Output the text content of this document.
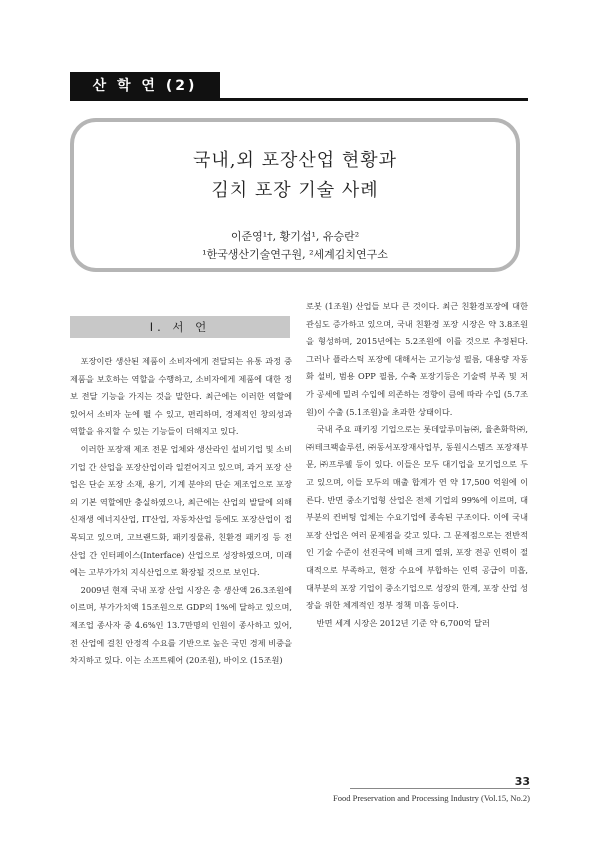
산 학 연 (2)
국내,외 포장산업 현황과
김치 포장 기술 사례
이준영¹†, 황기섭¹, 유승란²
¹한국생산기술연구원, ²세계김치연구소
Ⅰ. 서 언

포장이란 생산된 제품이 소비자에게 전달되는 유통 과정 중 제품을 보호하는 역할을 수행하고, 소비자에게 제품에 대한 정보 전달 기능을 가지는 것을 말한다. 최근에는 이러한 역할에 있어서 소비자 눈에 띌 수 있고, 편리하며, 경제적인 창의성과 역할을 유지할 수 있는 기능들이 더해지고 있다.

이러한 포장재 제조 전문 업체와 생산라인 설비기업 및 소비기업 간 산업을 포장산업이라 일컫어지고 있으며, 과거 포장 산업은 단순 포장 소재, 용기, 기계 분야의 단순 제조업으로 포장의 기본 역할에만 충실하였으나, 최근에는 산업의 발달에 의해 신재생 에너지산업, IT산업, 자동차산업 등에도 포장산업이 접목되고 있으며, 고브랜드화, 패키징물류, 친환경 패키징 등 전 산업 간 인터페이스(Interface) 산업으로 성장하였으며, 미래에는 고부가가치 지식산업으로 확장될 것으로 보인다.

2009년 현재 국내 포장 산업 시장은 총 생산액 26.3조원에 이르며, 부가가치액 15조원으로 GDP의 1%에 달하고 있으며, 제조업 종사자 중 4.6%인 13.7만명의 인원이 종사하고 있어, 전 산업에 걸친 안정적 수요를 기반으로 높은 국민 경제 비중을 차지하고 있다. 이는 소프트웨어 (20조원), 바이오 (15조원)

로봇 (1조원) 산업들 보다 큰 것이다. 최근 친환경포장에 대한 관심도 증가하고 있으며, 국내 친환경 포장 시장은 약 3.8조원을 형성하며, 2015년에는 5.2조원에 이를 것으로 추정된다. 그러나 플라스틱 포장에 대해서는 고기능성 필름, 대용량 자동화 설비, 범용 OPP 필름, 수축 포장기등은 기술력 부족 및 저가 공세에 밀려 수입에 의존하는 경향이 큼에 따라 수입 (5.7조원)이 수출 (5.1조원)을 초과한 상태이다.

국내 주요 패키징 기업으로는 롯데알루미늄㈜, 율촌화학㈜, ㈜테크팩솔루션, ㈜동서포장재사업부, 동원시스템즈 포장재부문, ㈜프루웰 등이 있다. 이들은 모두 대기업을 모기업으로 두고 있으며, 이들 모두의 매출 합계가 연 약 17,500 억원에 이른다. 반면 중소기업형 산업은 전체 기업의 99%에 이르며, 대부분의 컨버팅 업체는 수요기업에 종속된 구조이다. 이에 국내 포장 산업은 여러 문제점을 갖고 있다. 그 문제점으로는 전반적인 기술 수준이 선진국에 비해 크게 열위, 포장 전공 인력이 절대적으로 부족하고, 현장 수요에 부합하는 인력 공급이 미흡, 대부분의 포장 기업이 중소기업으로 성장의 한계, 포장 산업 성장을 위한 체계적인 정부 정책 미흡 등이다.

반면 세계 시장은 2012년 기준 약 6,700억 달러

33
Food Preservation and Processing Industry (Vol.15, No.2)
